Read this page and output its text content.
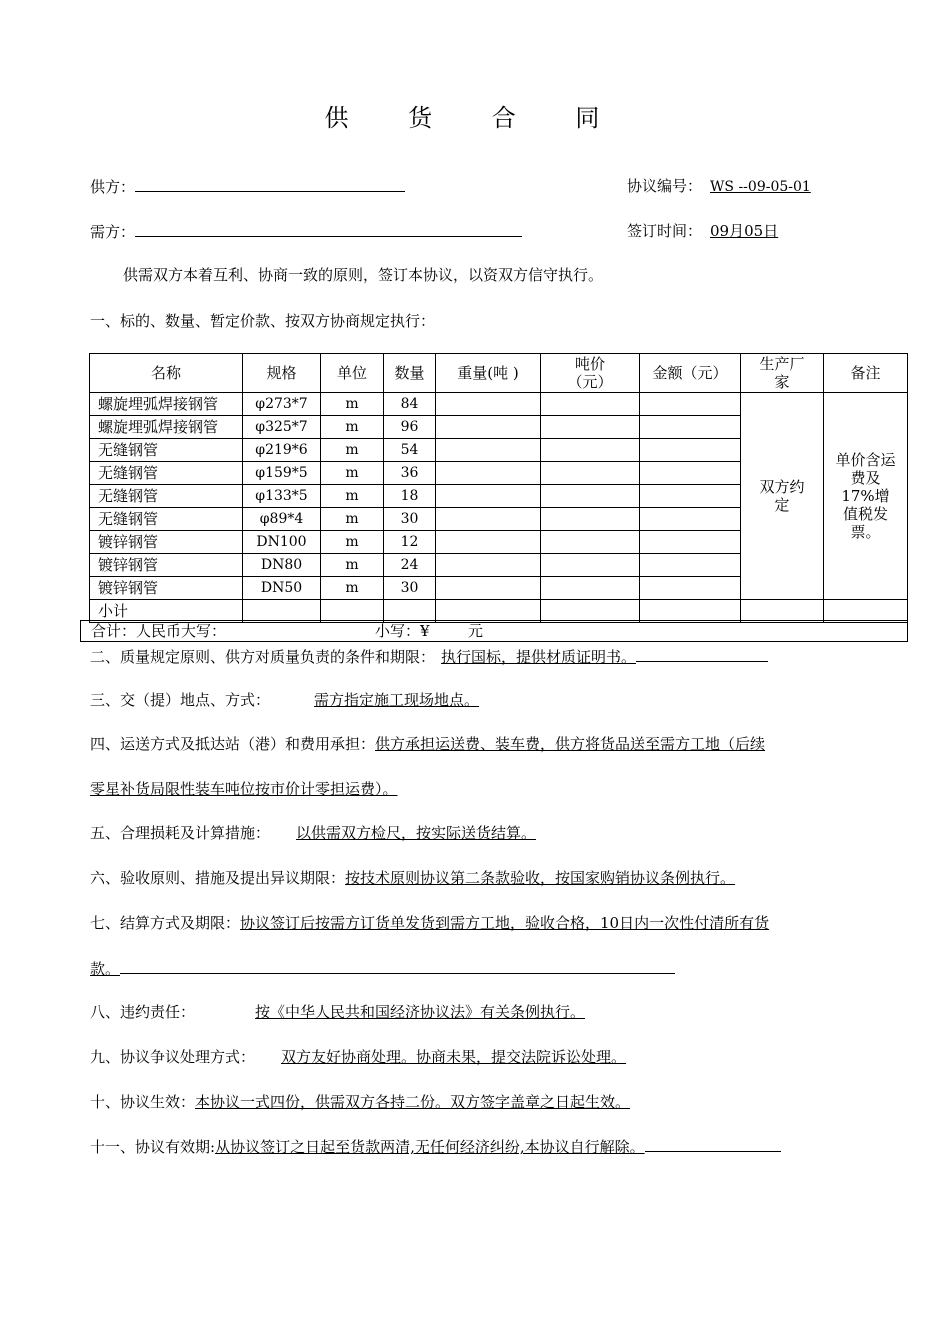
供 货 合 同
供方：	协议编号： WS --09-05-01
需方：	签订时间： 09月05日
供需双方本着互利、协商一致的原则，签订本协议，以资双方信守执行。
一、标的、数量、暂定价款、按双方协商规定执行：
名称	规格	单位	数量	重量(吨 )	吨价（元）	金额（元）	生产厂家	备注
螺旋埋弧焊接钢管	φ273*7	m	84				双方约定	单价含运费及17%增值税发票。
螺旋埋弧焊接钢管	φ325*7	m	96					
无缝钢管	φ219*6	m	54					
无缝钢管	φ159*5	m	36					
无缝钢管	φ133*5	m	18					
无缝钢管	φ89*4	m	30					
镀锌钢管	DN100	m	12					
镀锌钢管	DN80	m	24					
镀锌钢管	DN50	m	30					
小计								
合计：人民币大写：	小写：¥	元
二、质量规定原则、供方对质量负责的条件和期限： 执行国标，提供材质证明书。
三、交（提）地点、方式：	需方指定施工现场地点。
四、运送方式及抵达站（港）和费用承担：供方承担运送费、装车费，供方将货品送至需方工地（后续
零星补货局限性装车吨位按市价计零担运费）。
五、合理损耗及计算措施： 以供需双方检尺，按实际送货结算。
六、验收原则、措施及提出异议期限：按技术原则协议第二条款验收，按国家购销协议条例执行。
七、结算方式及期限：协议签订后按需方订货单发货到需方工地，验收合格，10日内一次性付清所有货
款。
八、违约责任：	按《中华人民共和国经济协议法》有关条例执行。
九、协议争议处理方式： 双方友好协商处理。协商未果，提交法院诉讼处理。
十、协议生效：本协议一式四份，供需双方各持二份。双方签字盖章之日起生效。
十一、协议有效期:从协议签订之日起至货款两清,无任何经济纠纷,本协议自行解除。
